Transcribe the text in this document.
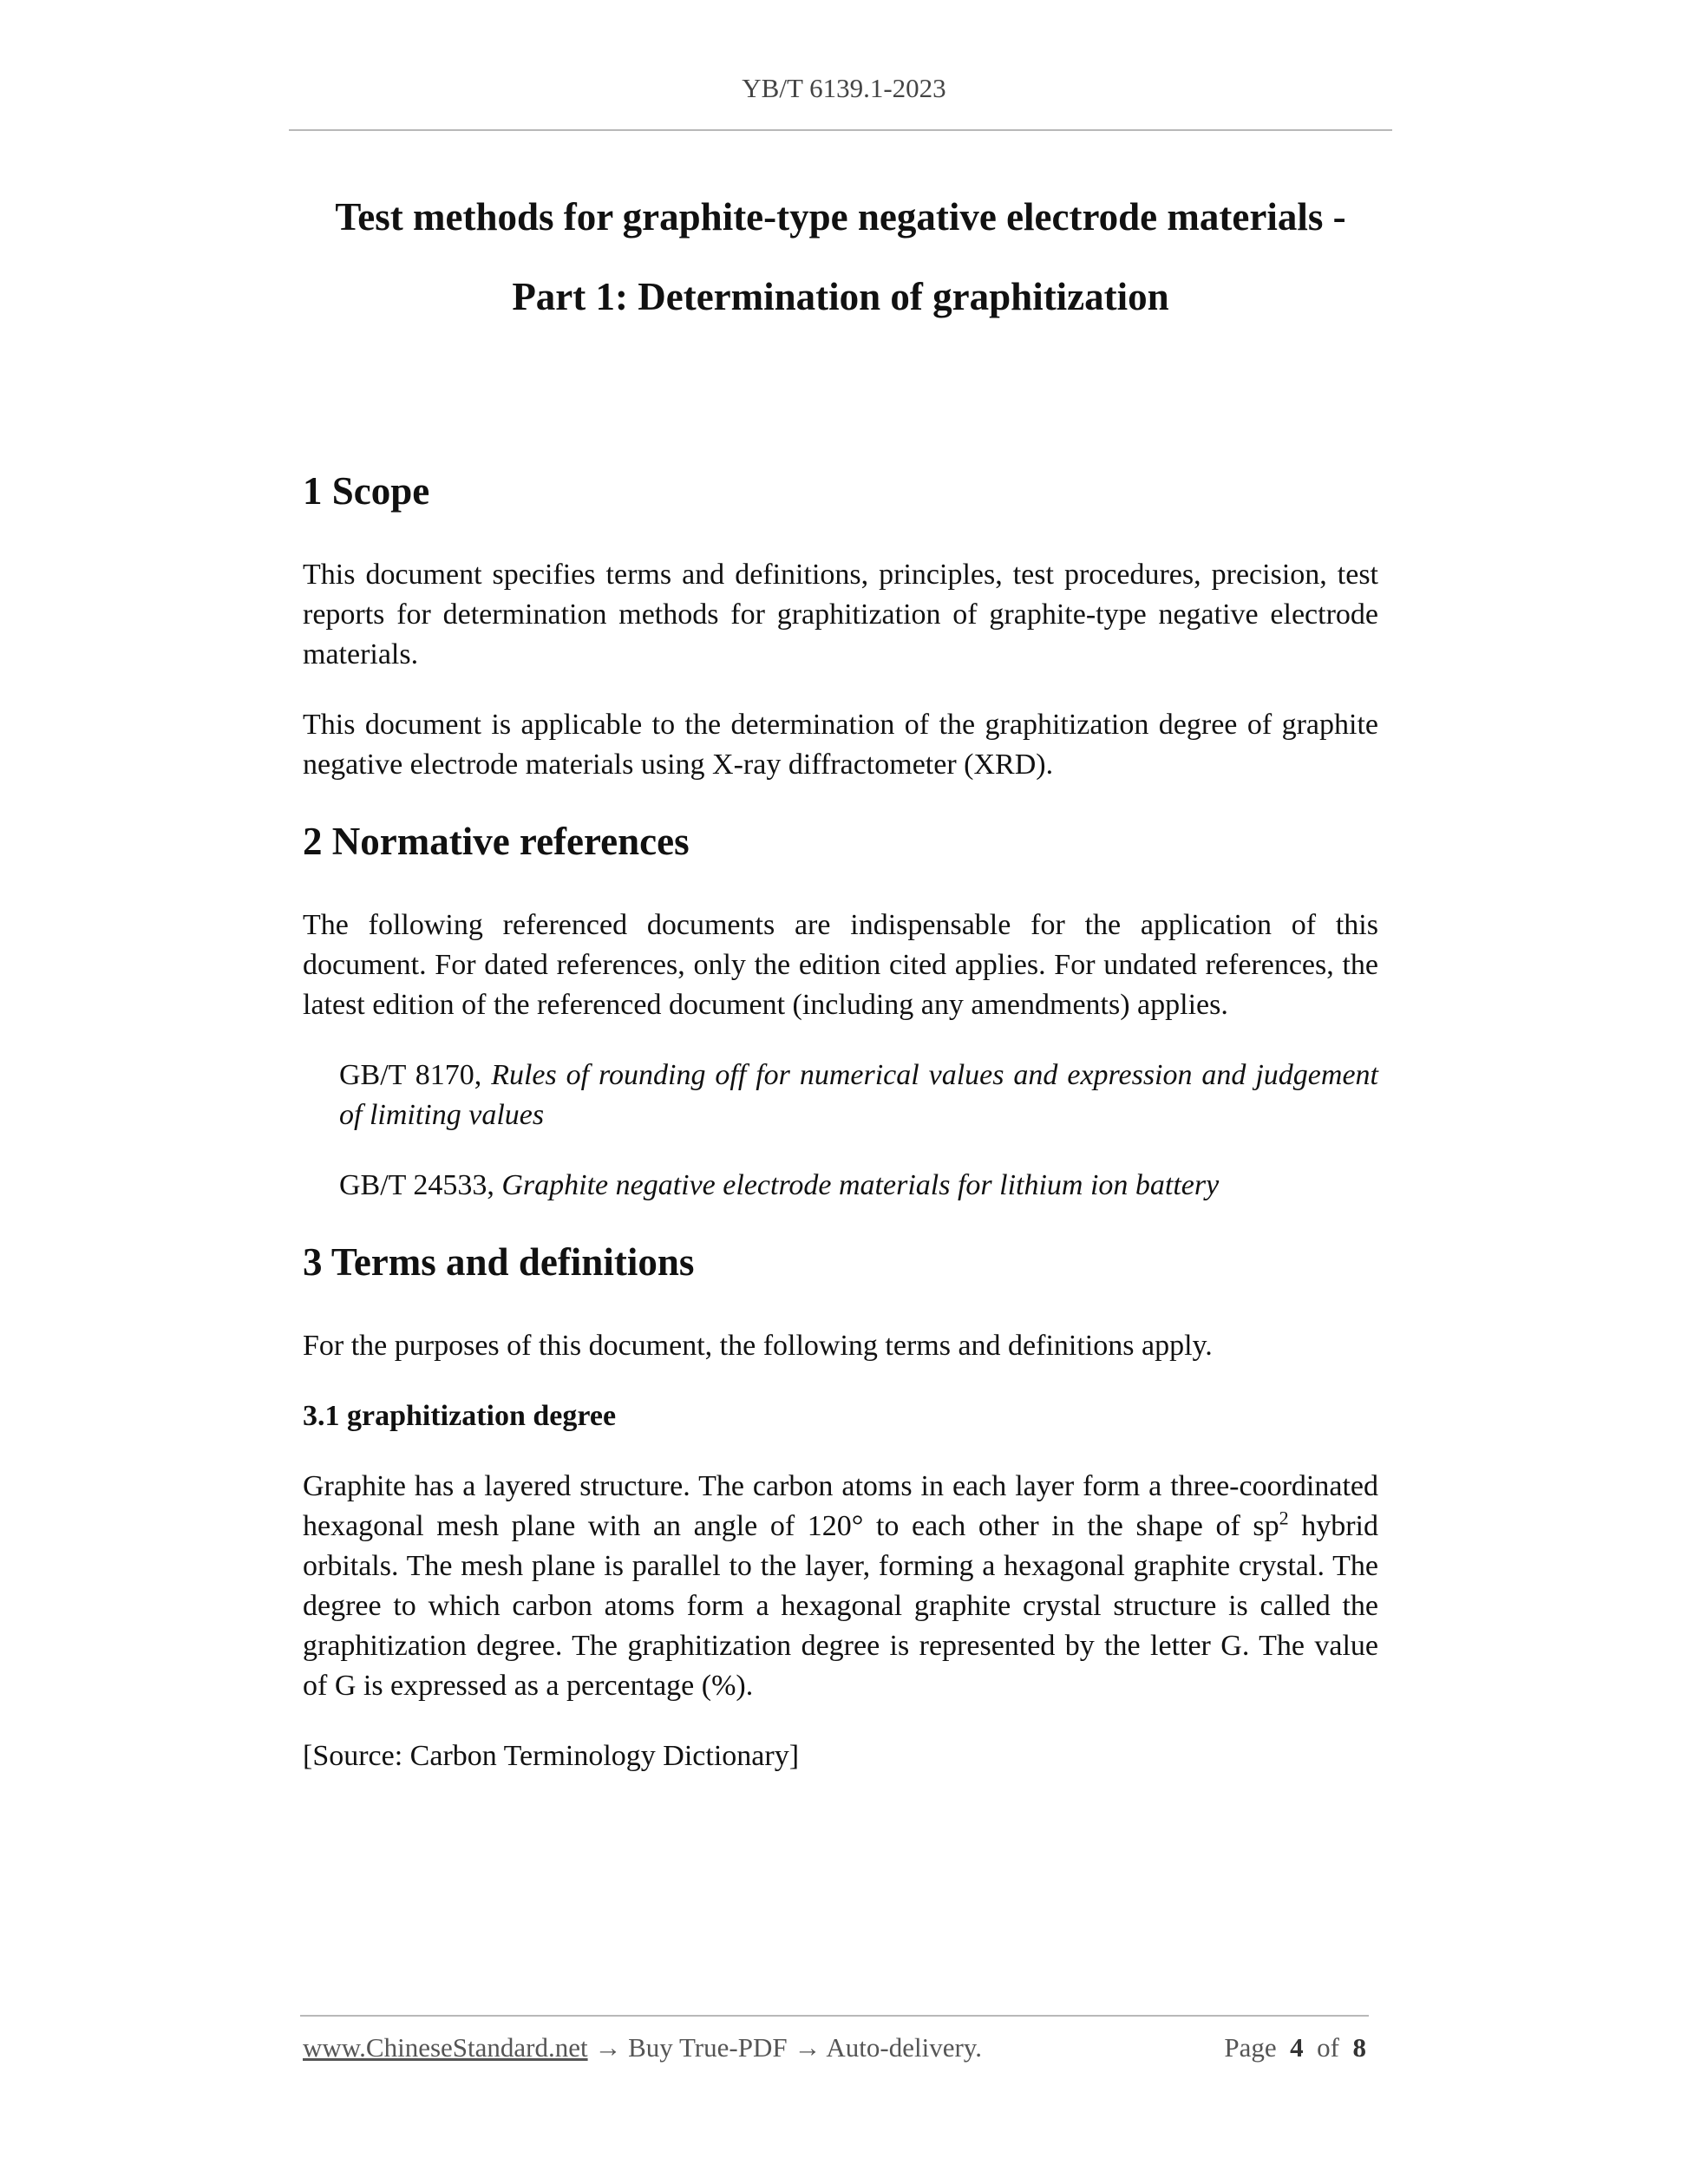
YB/T 6139.1-2023
Test methods for graphite-type negative electrode materials -
Part 1: Determination of graphitization
1 Scope

This document specifies terms and definitions, principles, test procedures, precision, test reports for determination methods for graphitization of graphite-type negative electrode materials.

This document is applicable to the determination of the graphitization degree of graphite negative electrode materials using X-ray diffractometer (XRD).

2 Normative references

The following referenced documents are indispensable for the application of this document. For dated references, only the edition cited applies. For undated references, the latest edition of the referenced document (including any amendments) applies.

GB/T 8170, Rules of rounding off for numerical values and expression and judgement of limiting values

GB/T 24533, Graphite negative electrode materials for lithium ion battery

3 Terms and definitions

For the purposes of this document, the following terms and definitions apply.

3.1 graphitization degree

Graphite has a layered structure. The carbon atoms in each layer form a three-coordinated hexagonal mesh plane with an angle of 120° to each other in the shape of $sp^2$ hybrid orbitals. The mesh plane is parallel to the layer, forming a hexagonal graphite crystal. The degree to which carbon atoms form a hexagonal graphite crystal structure is called the graphitization degree. The graphitization degree is represented by the letter G. The value of G is expressed as a percentage (%).

[Source: Carbon Terminology Dictionary]

www.ChineseStandard.net → Buy True-PDF → Auto-delivery.	Page 4 of 8
